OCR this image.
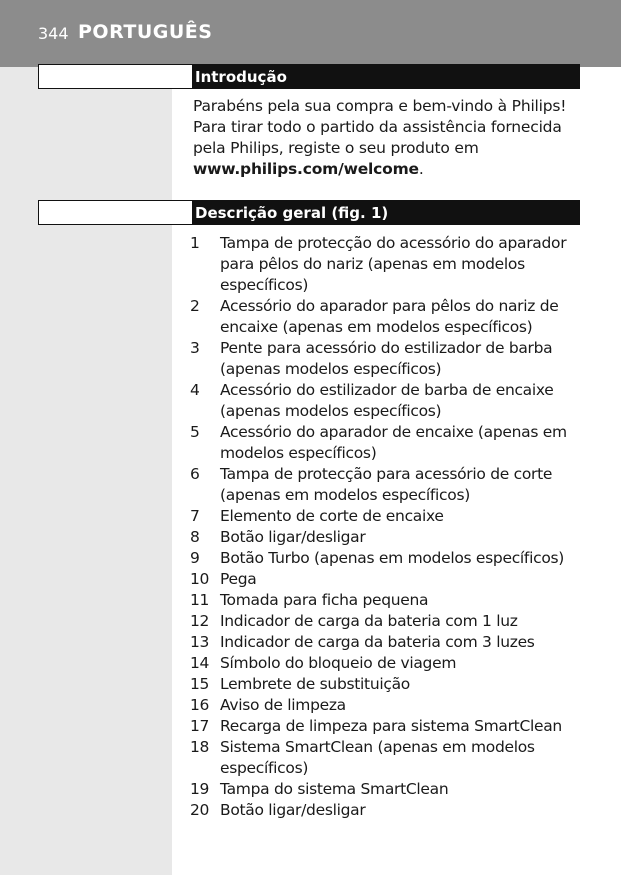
344 PORTUGUÊS
Introdução
Parabéns pela sua compra e bem-vindo à Philips! Para tirar todo o partido da assistência fornecida pela Philips, registe o seu produto em www.philips.com/welcome.
Descrição geral (fig. 1)
1	Tampa de protecção do acessório do aparador para pêlos do nariz (apenas em modelos específicos)
2	Acessório do aparador para pêlos do nariz de encaixe (apenas em modelos específicos)
3	Pente para acessório do estilizador de barba (apenas modelos específicos)
4	Acessório do estilizador de barba de encaixe (apenas modelos específicos)
5	Acessório do aparador de encaixe (apenas em modelos específicos)
6	Tampa de protecção para acessório de corte (apenas em modelos específicos)
7	Elemento de corte de encaixe
8	Botão ligar/desligar
9	Botão Turbo (apenas em modelos específicos)
10 Pega
11 Tomada para ficha pequena
12 Indicador de carga da bateria com 1 luz
13 Indicador de carga da bateria com 3 luzes
14 Símbolo do bloqueio de viagem
15 Lembrete de substituição
16 Aviso de limpeza
17 Recarga de limpeza para sistema SmartClean
18 Sistema SmartClean (apenas em modelos específicos)
19 Tampa do sistema SmartClean
20 Botão ligar/desligar
